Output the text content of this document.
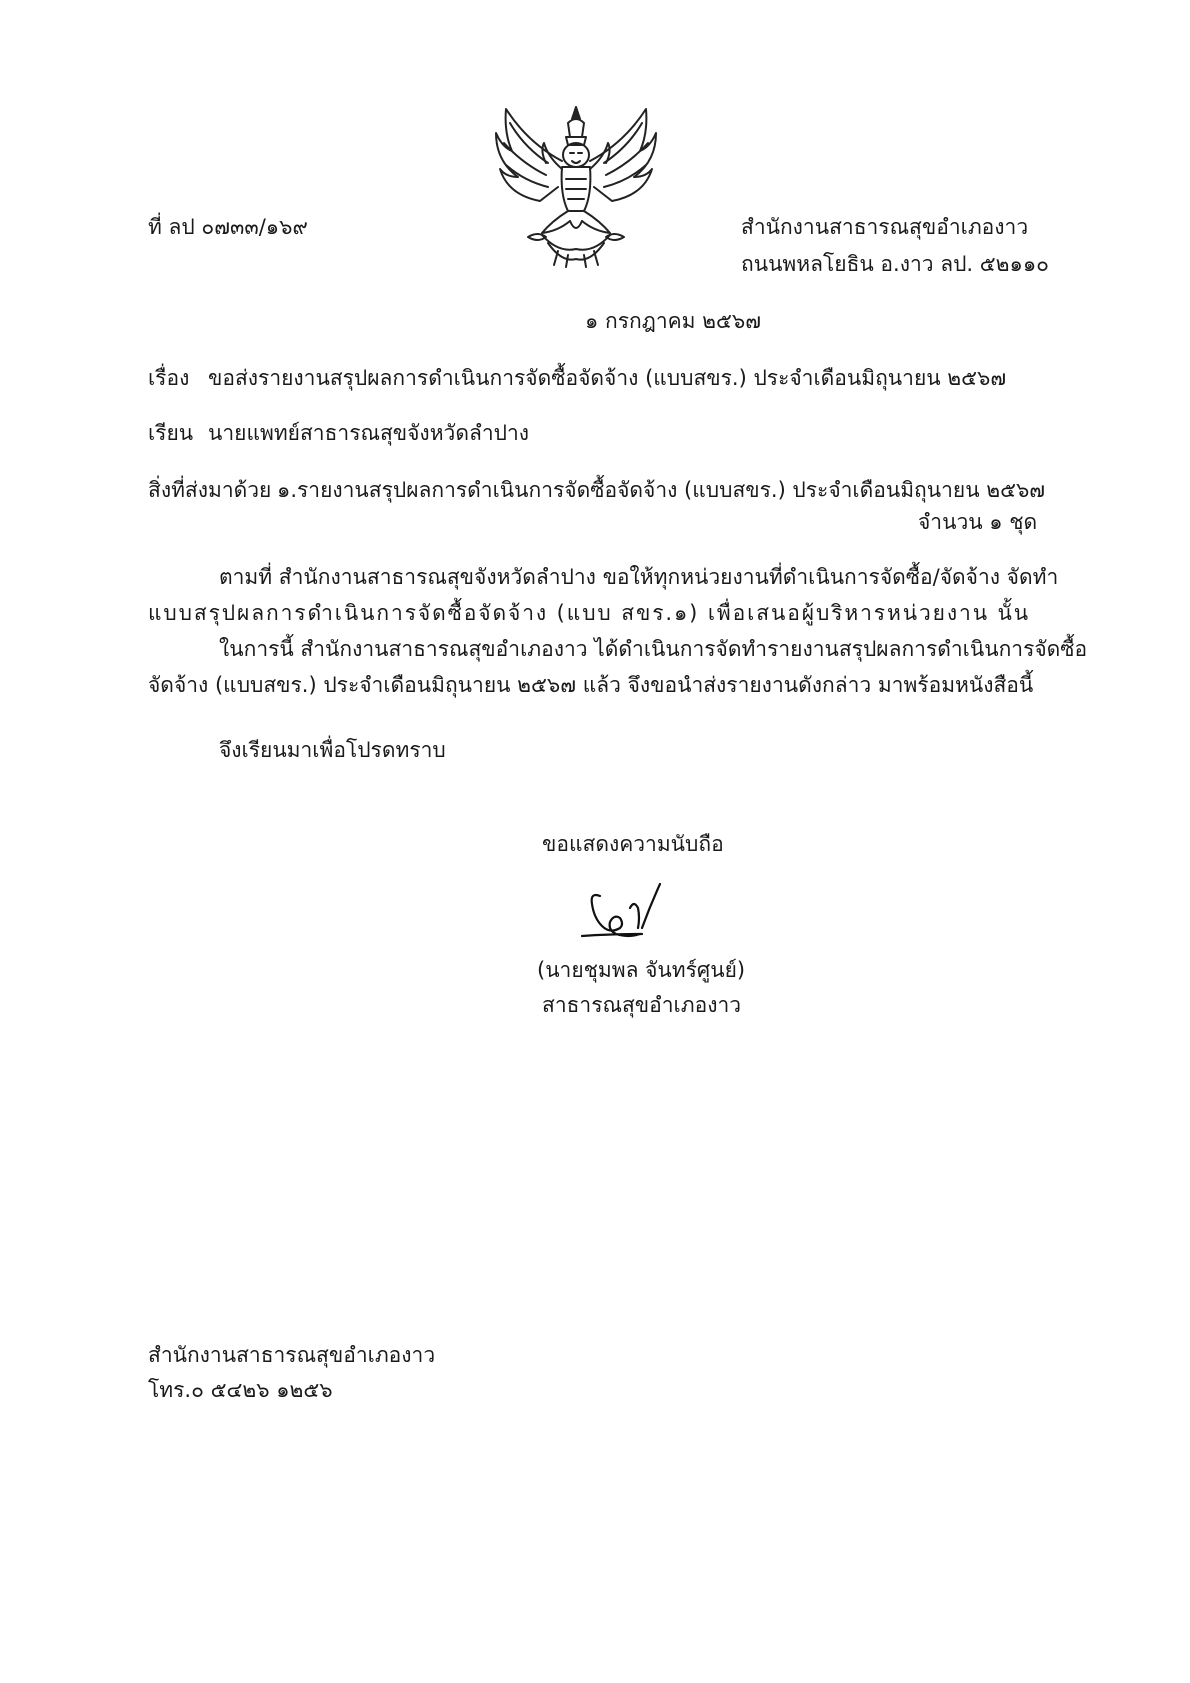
ที่ ลป ๐๗๓๓/๑๖๙	สำนักงานสาธารณสุขอำเภองาว

ถนนพหลโยธิน อ.งาว ลป. ๕๒๑๑๐

๑ กรกฎาคม ๒๕๖๗

เรื่อง ขอส่งรายงานสรุปผลการดำเนินการจัดซื้อจัดจ้าง (แบบสขร.) ประจำเดือนมิถุนายน ๒๕๖๗

เรียน นายแพทย์สาธารณสุขจังหวัดลำปาง

สิ่งที่ส่งมาด้วย ๑.รายงานสรุปผลการดำเนินการจัดซื้อจัดจ้าง (แบบสขร.) ประจำเดือนมิถุนายน ๒๕๖๗

จำนวน ๑ ชุด

ตามที่ สำนักงานสาธารณสุขจังหวัดลำปาง ขอให้ทุกหน่วยงานที่ดำเนินการจัดซื้อ/จัดจ้าง จัดทำ

แบบสรุปผลการดำเนินการจัดซื้อจัดจ้าง (แบบ สขร.๑) เพื่อเสนอผู้บริหารหน่วยงาน นั้น

ในการนี้ สำนักงานสาธารณสุขอำเภองาว ได้ดำเนินการจัดทำรายงานสรุปผลการดำเนินการจัดซื้อ

จัดจ้าง (แบบสขร.) ประจำเดือนมิถุนายน ๒๕๖๗ แล้ว จึงขอนำส่งรายงานดังกล่าว มาพร้อมหนังสือนี้

จึงเรียนมาเพื่อโปรดทราบ

ขอแสดงความนับถือ

(นายชุมพล จันทร์ศูนย์)

สาธารณสุขอำเภองาว

สำนักงานสาธารณสุขอำเภองาว

โทร.๐ ๕๔๒๖ ๑๒๕๖
